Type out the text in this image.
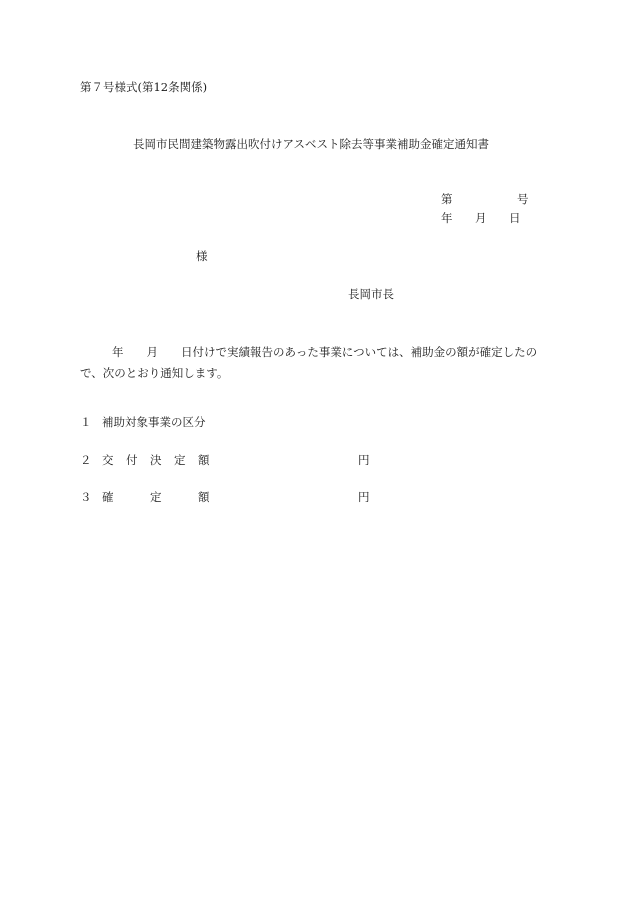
第７号様式(第12条関係)
長岡市民間建築物露出吹付けアスベスト除去等事業補助金確定通知書
第	号
年 月 日
様
長岡市長
年 月 日付けで実績報告のあった事業については、補助金の額が確定したの
で、次のとおり通知します。
１ 補助対象事業の区分
２ 交 付 決 定 額	円
３ 確	定	額	円
